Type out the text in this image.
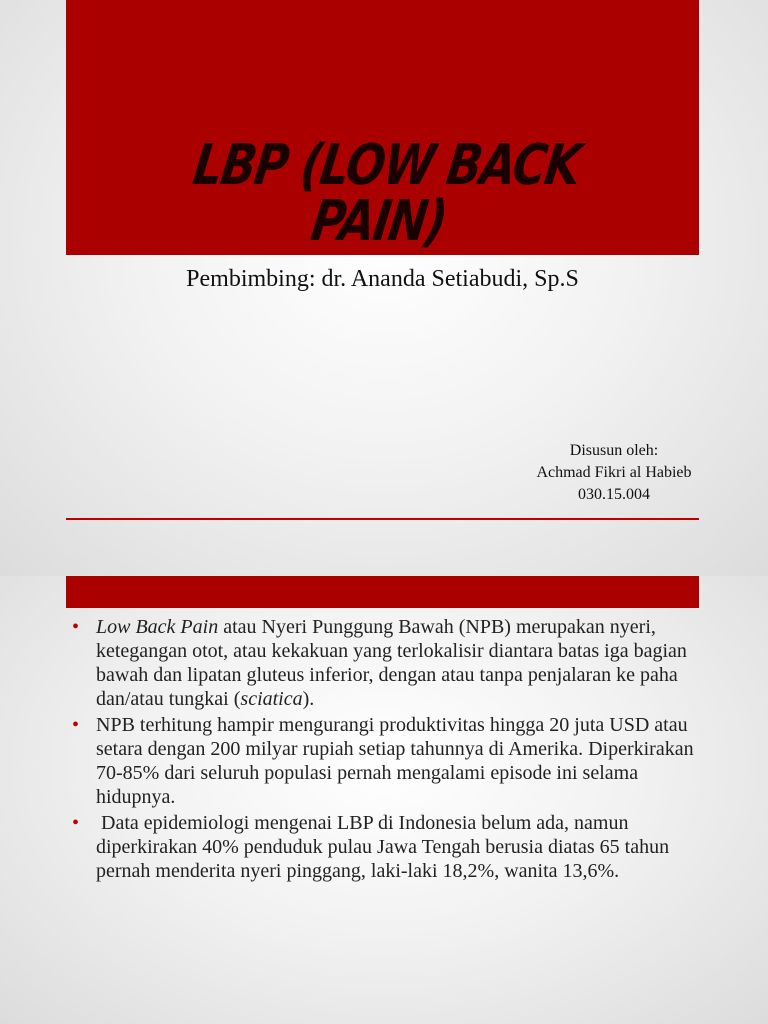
LBP (LOW BACK PAIN)
Pembimbing: dr. Ananda Setiabudi, Sp.S
Disusun oleh:
Achmad Fikri al Habieb
030.15.004
• Low Back Pain atau Nyeri Punggung Bawah (NPB) merupakan nyeri, ketegangan otot, atau kekakuan yang terlokalisir diantara batas iga bagian bawah dan lipatan gluteus inferior, dengan atau tanpa penjalaran ke paha dan/atau tungkai (sciatica).
• NPB terhitung hampir mengurangi produktivitas hingga 20 juta USD atau setara dengan 200 milyar rupiah setiap tahunnya di Amerika. Diperkirakan 70-85% dari seluruh populasi pernah mengalami episode ini selama hidupnya.
• Data epidemiologi mengenai LBP di Indonesia belum ada, namun diperkirakan 40% penduduk pulau Jawa Tengah berusia diatas 65 tahun pernah menderita nyeri pinggang, laki-laki 18,2%, wanita 13,6%.
